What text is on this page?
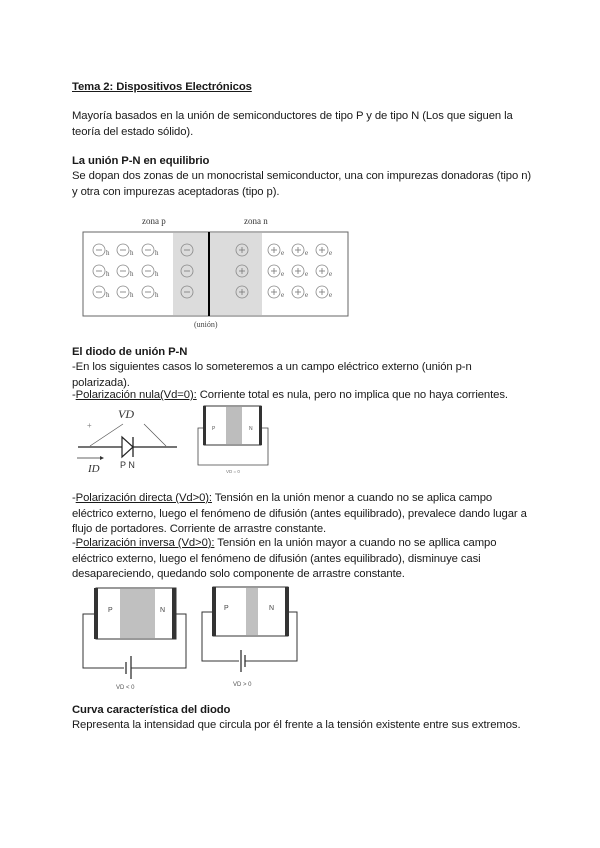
Tema 2: Dispositivos Electrónicos
Mayoría basados en la unión de semiconductores de tipo P y de tipo N (Los que siguen la teoría del estado sólido).
La unión P-N en equilibrio
Se dopan dos zonas de un monocristal semiconductor, una con impurezas donadoras (tipo n) y otra con impurezas aceptadoras (tipo p).
zona p	zona n
h	h	h
h	h	h
h	h	h
e	e	e
e	e	e
e	e	e
(unión)
El diodo de unión P-N
-En los siguientes casos lo someteremos a un campo eléctrico externo (unión p-n polarizada).
-Polarización nula(Vd=0): Corriente total es nula, pero no implica que no haya corrientes.
+
VD
ID P N
P	N
VD = 0
-Polarización directa (Vd>0): Tensión en la unión menor a cuando no se aplica campo eléctrico externo, luego el fenómeno de difusión (antes equilibrado), prevalece dando lugar a flujo de portadores. Corriente de arrastre constante.
-Polarización inversa (Vd>0): Tensión en la unión mayor a cuando no se apllica campo eléctrico externo, luego el fenómeno de difusión (antes equilibrado), disminuye casi desapareciendo, quedando solo componente de arrastre constante.
P	N
VD < 0
P	N
VD > 0
Curva característica del diodo
Representa la intensidad que circula por él frente a la tensión existente entre sus extremos.
